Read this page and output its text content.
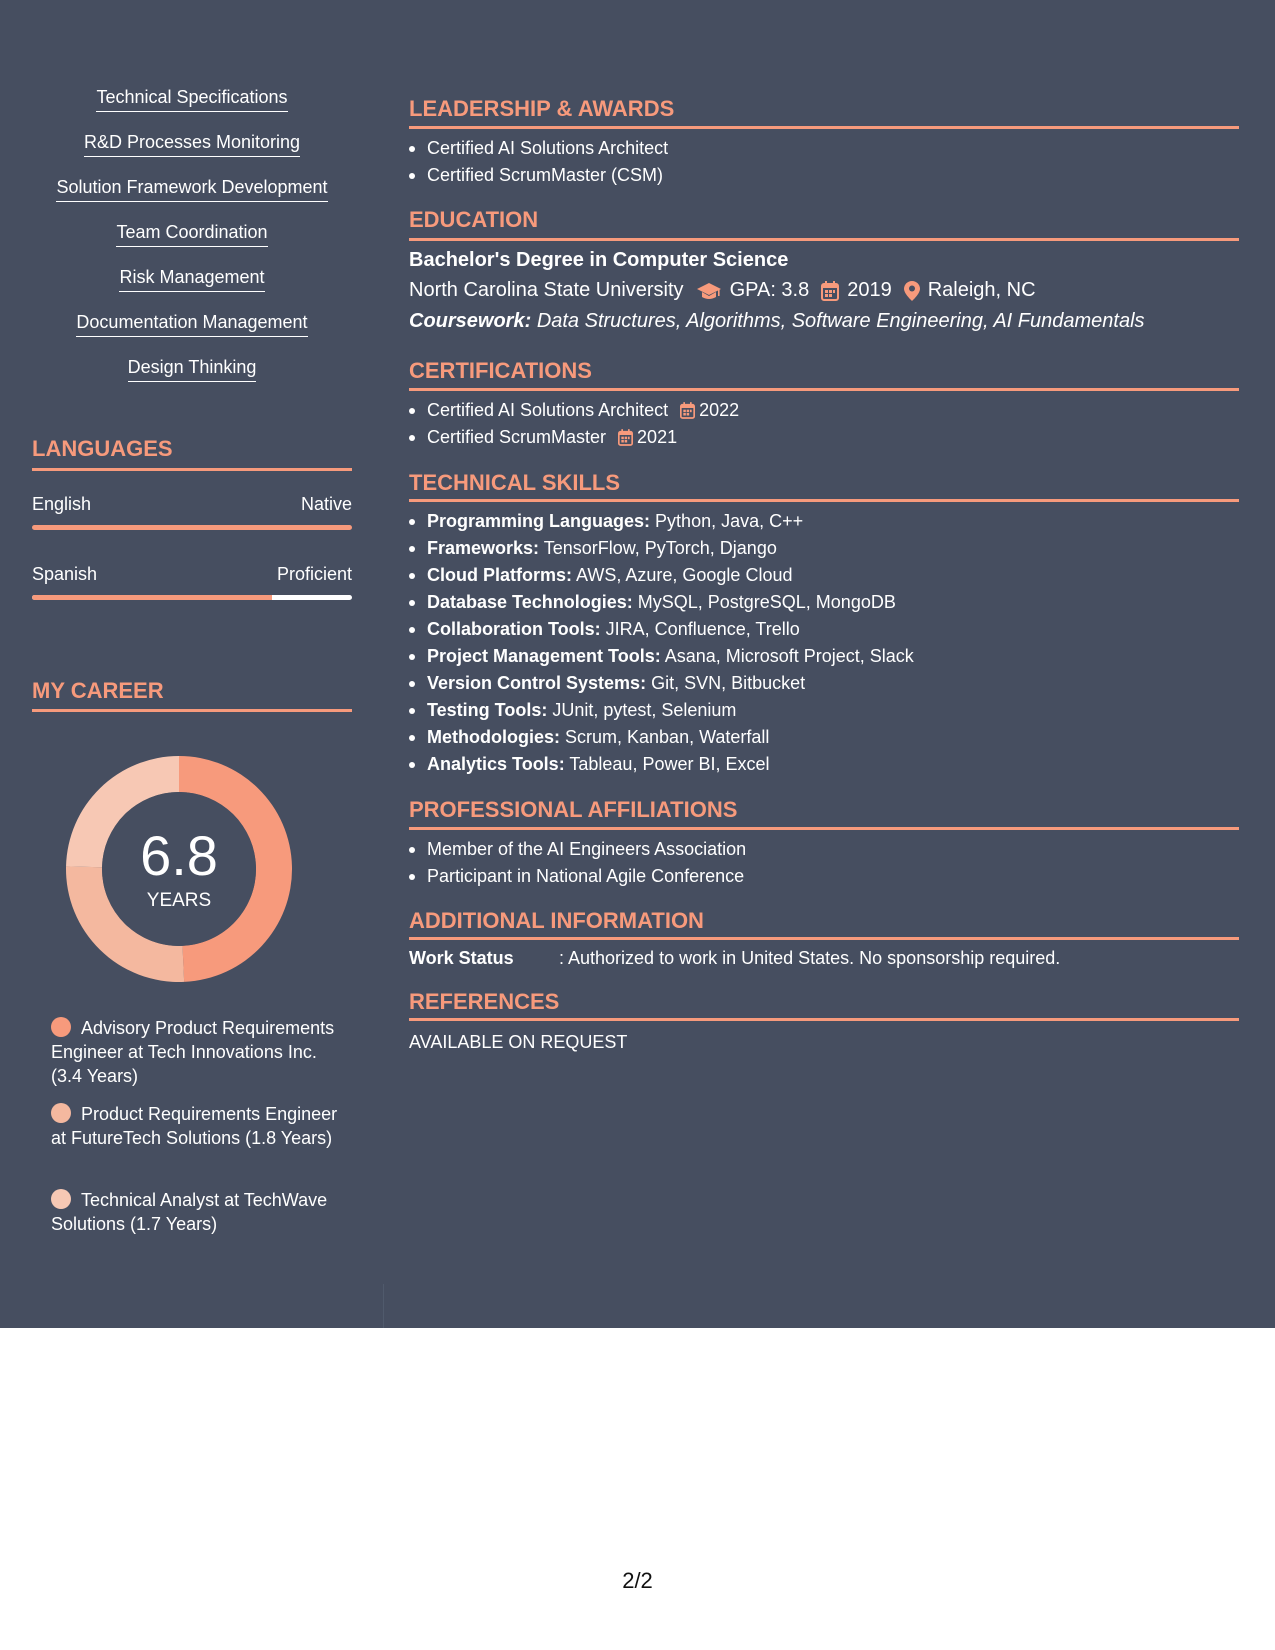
Technical Specifications
R&D Processes Monitoring
Solution Framework Development
Team Coordination
Risk Management
Documentation Management
Design Thinking
LANGUAGES
English	Native
Spanish	Proficient
MY CAREER
6.8
YEARS
Advisory Product Requirements Engineer at Tech Innovations Inc. (3.4 Years)
Product Requirements Engineer at FutureTech Solutions (1.8 Years)
Technical Analyst at TechWave Solutions (1.7 Years)
LEADERSHIP & AWARDS
Certified AI Solutions Architect
Certified ScrumMaster (CSM)
EDUCATION
Bachelor's Degree in Computer Science
North Carolina State University GPA: 3.8 2019 Raleigh, NC
Coursework: Data Structures, Algorithms, Software Engineering, AI Fundamentals
CERTIFICATIONS
Certified AI Solutions Architect 2022
Certified ScrumMaster 2021
TECHNICAL SKILLS
Programming Languages: Python, Java, C++
Frameworks: TensorFlow, PyTorch, Django
Cloud Platforms: AWS, Azure, Google Cloud
Database Technologies: MySQL, PostgreSQL, MongoDB
Collaboration Tools: JIRA, Confluence, Trello
Project Management Tools: Asana, Microsoft Project, Slack
Version Control Systems: Git, SVN, Bitbucket
Testing Tools: JUnit, pytest, Selenium
Methodologies: Scrum, Kanban, Waterfall
Analytics Tools: Tableau, Power BI, Excel
PROFESSIONAL AFFILIATIONS
Member of the AI Engineers Association
Participant in National Agile Conference
ADDITIONAL INFORMATION
Work Status	: Authorized to work in United States. No sponsorship required.
REFERENCES
AVAILABLE ON REQUEST
2/2
